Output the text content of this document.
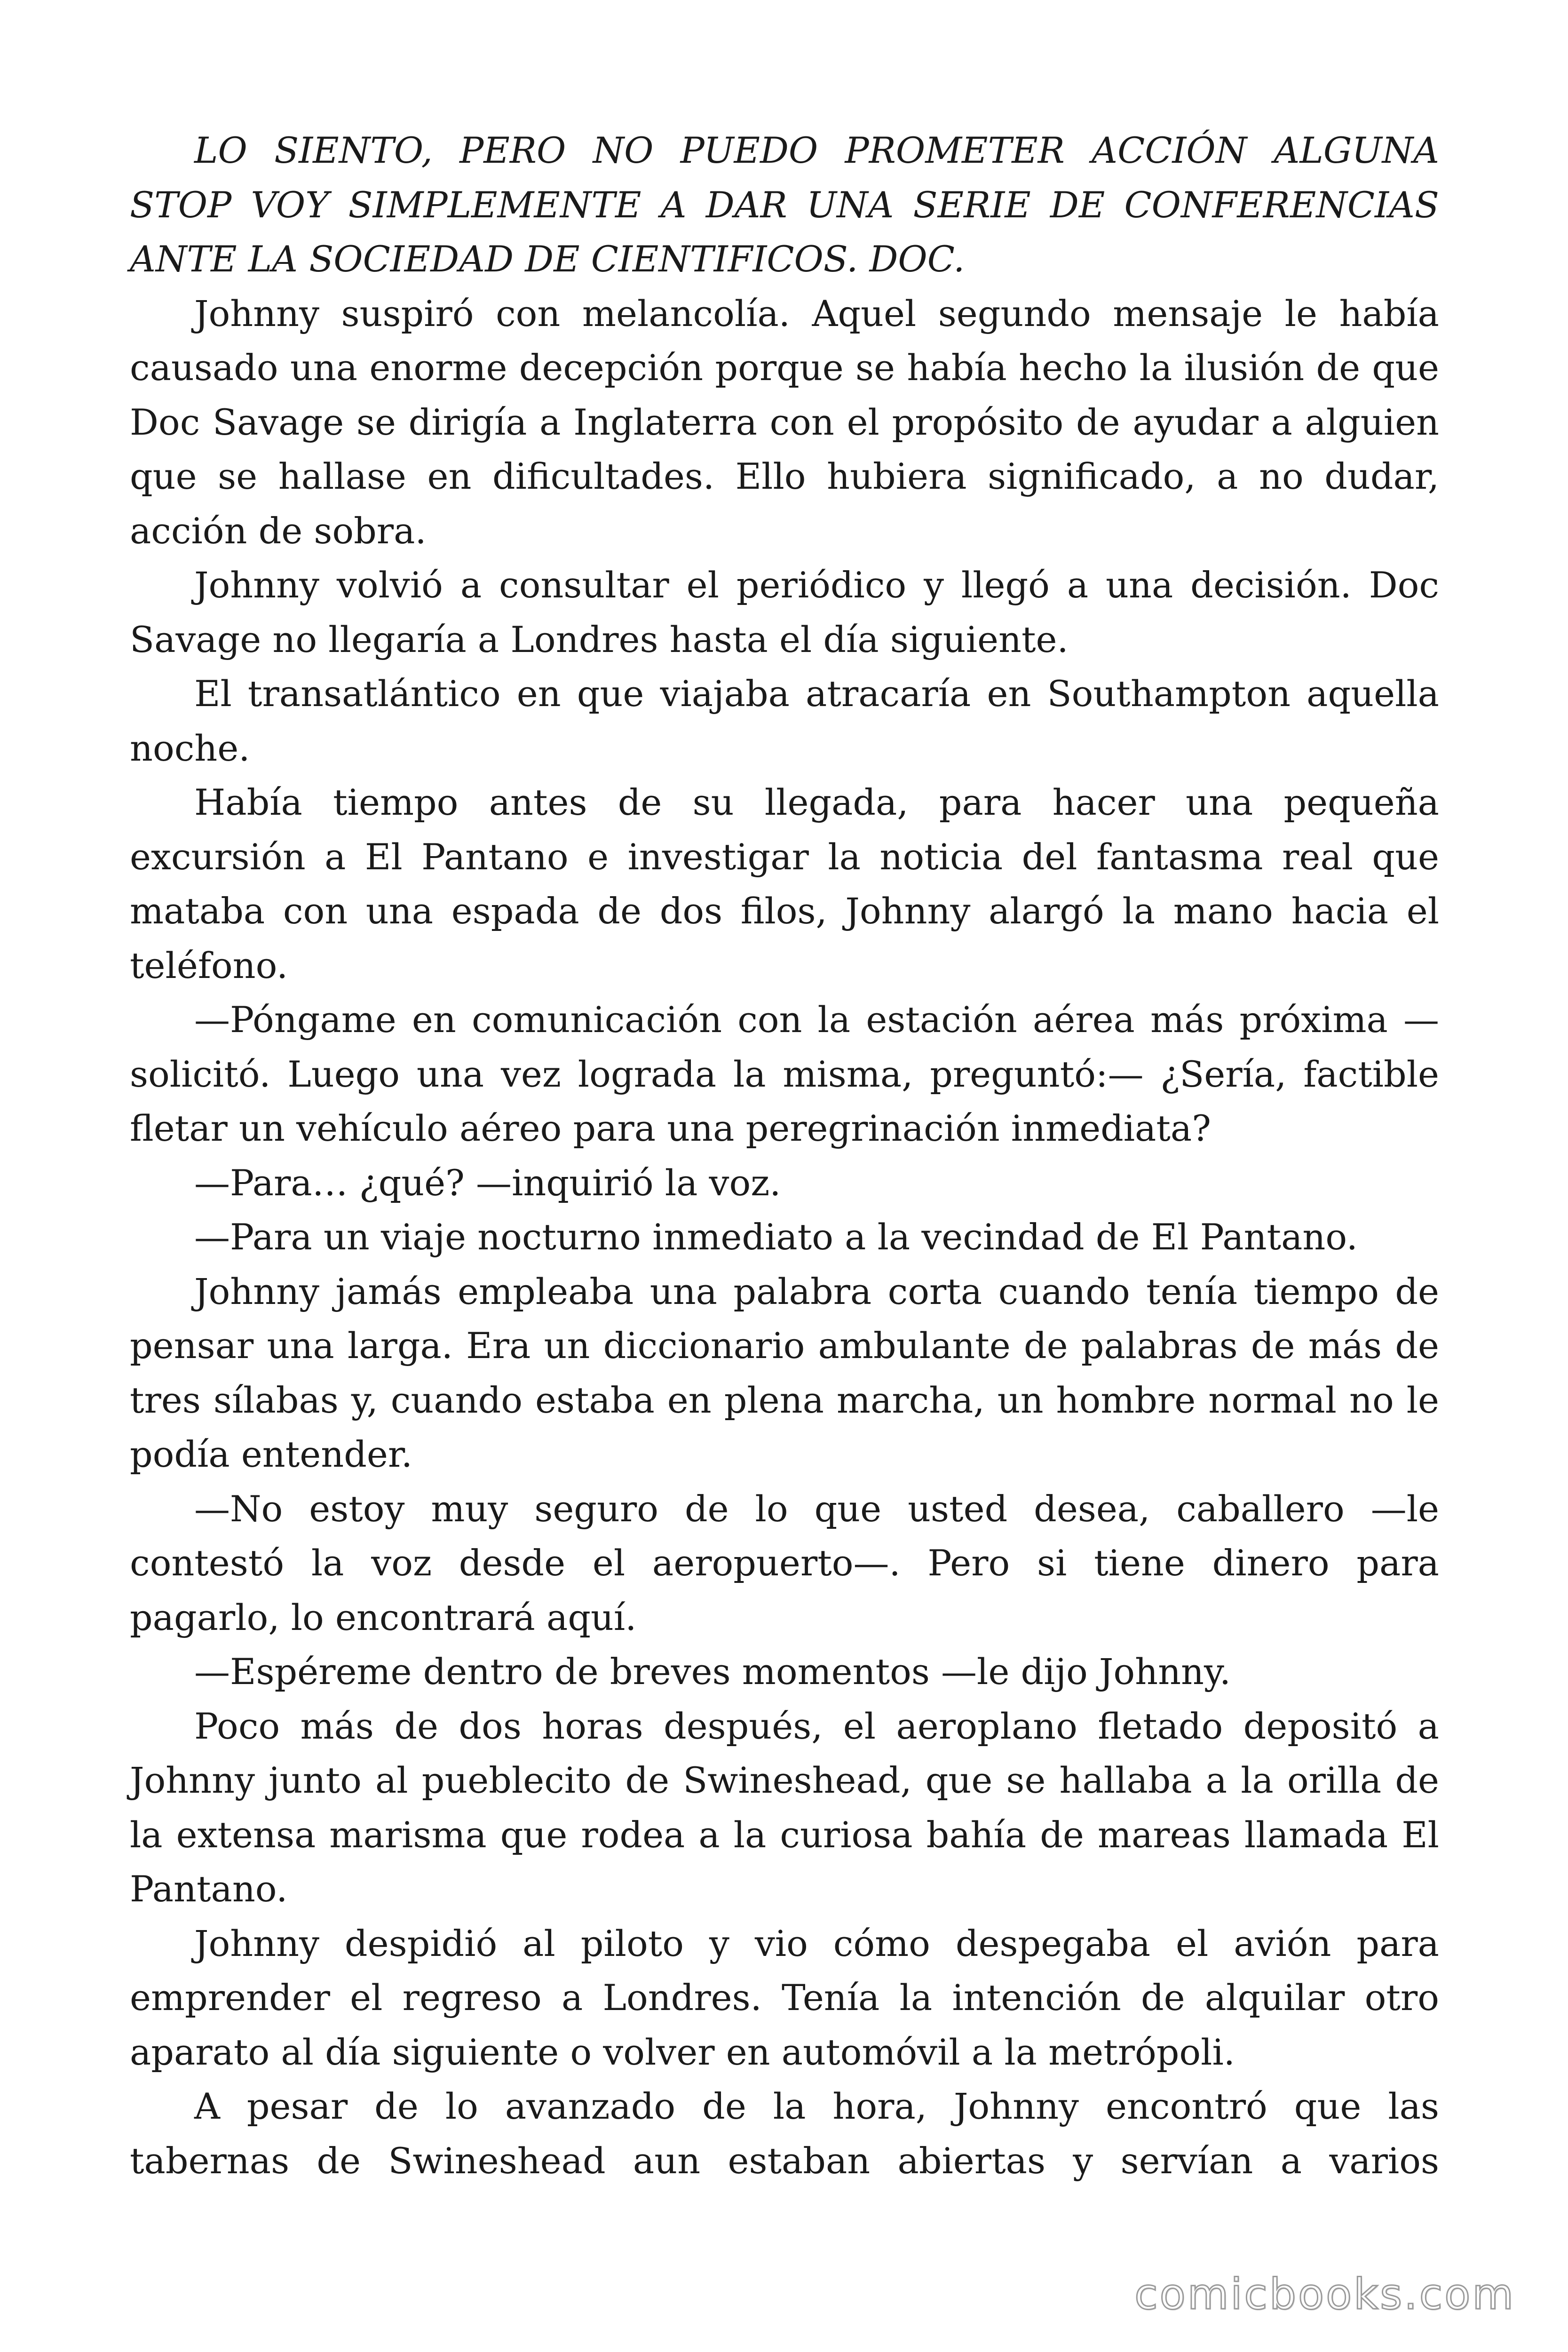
LO SIENTO, PERO NO PUEDO PROMETER ACCIÓN ALGUNA STOP VOY SIMPLEMENTE A DAR UNA SERIE DE CONFERENCIAS ANTE LA SOCIEDAD DE CIENTIFICOS. DOC.

Johnny suspiró con melancolía. Aquel segundo mensaje le había causado una enorme decepción porque se había hecho la ilusión de que Doc Savage se dirigía a Inglaterra con el propósito de ayudar a alguien que se hallase en dificultades. Ello hubiera significado, a no dudar, acción de sobra.

Johnny volvió a consultar el periódico y llegó a una decisión. Doc Savage no llegaría a Londres hasta el día siguiente.

El transatlántico en que viajaba atracaría en Southampton aquella noche.

Había tiempo antes de su llegada, para hacer una pequeña excursión a El Pantano e investigar la noticia del fantasma real que mataba con una espada de dos filos, Johnny alargó la mano hacia el teléfono.

—Póngame en comunicación con la estación aérea más próxima —solicitó. Luego una vez lograda la misma, preguntó:— ¿Sería, factible fletar un vehículo aéreo para una peregrinación inmediata?

—Para… ¿qué? —inquirió la voz.

—Para un viaje nocturno inmediato a la vecindad de El Pantano.

Johnny jamás empleaba una palabra corta cuando tenía tiempo de pensar una larga. Era un diccionario ambulante de palabras de más de tres sílabas y, cuando estaba en plena marcha, un hombre normal no le podía entender.

—No estoy muy seguro de lo que usted desea, caballero —le contestó la voz desde el aeropuerto—. Pero si tiene dinero para pagarlo, lo encontrará aquí.

—Espéreme dentro de breves momentos —le dijo Johnny.

Poco más de dos horas después, el aeroplano fletado depositó a Johnny junto al pueblecito de Swineshead, que se hallaba a la orilla de la extensa marisma que rodea a la curiosa bahía de mareas llamada El Pantano.

Johnny despidió al piloto y vio cómo despegaba el avión para emprender el regreso a Londres. Tenía la intención de alquilar otro aparato al día siguiente o volver en automóvil a la metrópoli.

A pesar de lo avanzado de la hora, Johnny encontró que las tabernas de Swineshead aun estaban abiertas y servían a varios

comicbooks.com
